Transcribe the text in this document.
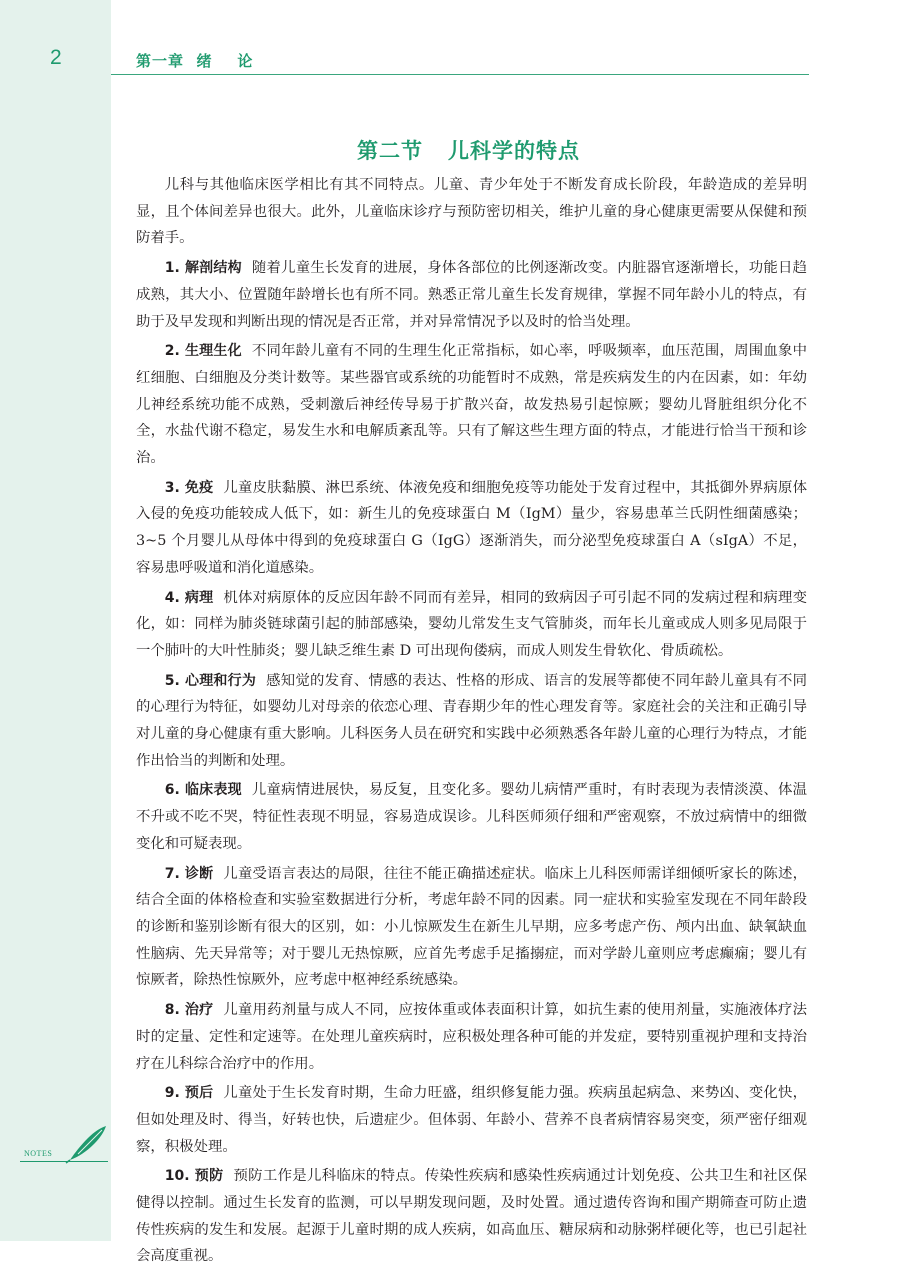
2	第一章  绪    论
第二节   儿科学的特点

儿科与其他临床医学相比有其不同特点。儿童、青少年处于不断发育成长阶段，年龄造成的差异明显，且个体间差异也很大。此外，儿童临床诊疗与预防密切相关，维护儿童的身心健康更需要从保健和预防着手。

1. 解剖结构 随着儿童生长发育的进展，身体各部位的比例逐渐改变。内脏器官逐渐增长，功能日趋成熟，其大小、位置随年龄增长也有所不同。熟悉正常儿童生长发育规律，掌握不同年龄小儿的特点，有助于及早发现和判断出现的情况是否正常，并对异常情况予以及时的恰当处理。

2. 生理生化 不同年龄儿童有不同的生理生化正常指标，如心率，呼吸频率，血压范围，周围血象中红细胞、白细胞及分类计数等。某些器官或系统的功能暂时不成熟，常是疾病发生的内在因素，如：年幼儿神经系统功能不成熟，受刺激后神经传导易于扩散兴奋，故发热易引起惊厥；婴幼儿肾脏组织分化不全，水盐代谢不稳定，易发生水和电解质紊乱等。只有了解这些生理方面的特点，才能进行恰当干预和诊治。

3. 免疫 儿童皮肤黏膜、淋巴系统、体液免疫和细胞免疫等功能处于发育过程中，其抵御外界病原体入侵的免疫功能较成人低下，如：新生儿的免疫球蛋白 M（IgM）量少，容易患革兰氏阴性细菌感染；3~5 个月婴儿从母体中得到的免疫球蛋白 G（IgG）逐渐消失，而分泌型免疫球蛋白 A（sIgA）不足，容易患呼吸道和消化道感染。

4. 病理 机体对病原体的反应因年龄不同而有差异，相同的致病因子可引起不同的发病过程和病理变化，如：同样为肺炎链球菌引起的肺部感染，婴幼儿常发生支气管肺炎，而年长儿童或成人则多见局限于一个肺叶的大叶性肺炎；婴儿缺乏维生素 D 可出现佝偻病，而成人则发生骨软化、骨质疏松。

5. 心理和行为 感知觉的发育、情感的表达、性格的形成、语言的发展等都使不同年龄儿童具有不同的心理行为特征，如婴幼儿对母亲的依恋心理、青春期少年的性心理发育等。家庭社会的关注和正确引导对儿童的身心健康有重大影响。儿科医务人员在研究和实践中必须熟悉各年龄儿童的心理行为特点，才能作出恰当的判断和处理。

6. 临床表现 儿童病情进展快，易反复，且变化多。婴幼儿病情严重时，有时表现为表情淡漠、体温不升或不吃不哭，特征性表现不明显，容易造成误诊。儿科医师须仔细和严密观察，不放过病情中的细微变化和可疑表现。

7. 诊断 儿童受语言表达的局限，往往不能正确描述症状。临床上儿科医师需详细倾听家长的陈述，结合全面的体格检查和实验室数据进行分析，考虑年龄不同的因素。同一症状和实验室发现在不同年龄段的诊断和鉴别诊断有很大的区别，如：小儿惊厥发生在新生儿早期，应多考虑产伤、颅内出血、缺氧缺血性脑病、先天异常等；对于婴儿无热惊厥，应首先考虑手足搐搦症，而对学龄儿童则应考虑癫痫；婴儿有惊厥者，除热性惊厥外，应考虑中枢神经系统感染。

8. 治疗 儿童用药剂量与成人不同，应按体重或体表面积计算，如抗生素的使用剂量，实施液体疗法时的定量、定性和定速等。在处理儿童疾病时，应积极处理各种可能的并发症，要特别重视护理和支持治疗在儿科综合治疗中的作用。

9. 预后 儿童处于生长发育时期，生命力旺盛，组织修复能力强。疾病虽起病急、来势凶、变化快，但如处理及时、得当，好转也快，后遗症少。但体弱、年龄小、营养不良者病情容易突变，须严密仔细观察，积极处理。

10. 预防 预防工作是儿科临床的特点。传染性疾病和感染性疾病通过计划免疫、公共卫生和社区保健得以控制。通过生长发育的监测，可以早期发现问题，及时处置。通过遗传咨询和围产期筛查可防止遗传性疾病的发生和发展。起源于儿童时期的成人疾病，如高血压、糖尿病和动脉粥样硬化等，也已引起社会高度重视。

NOTES
